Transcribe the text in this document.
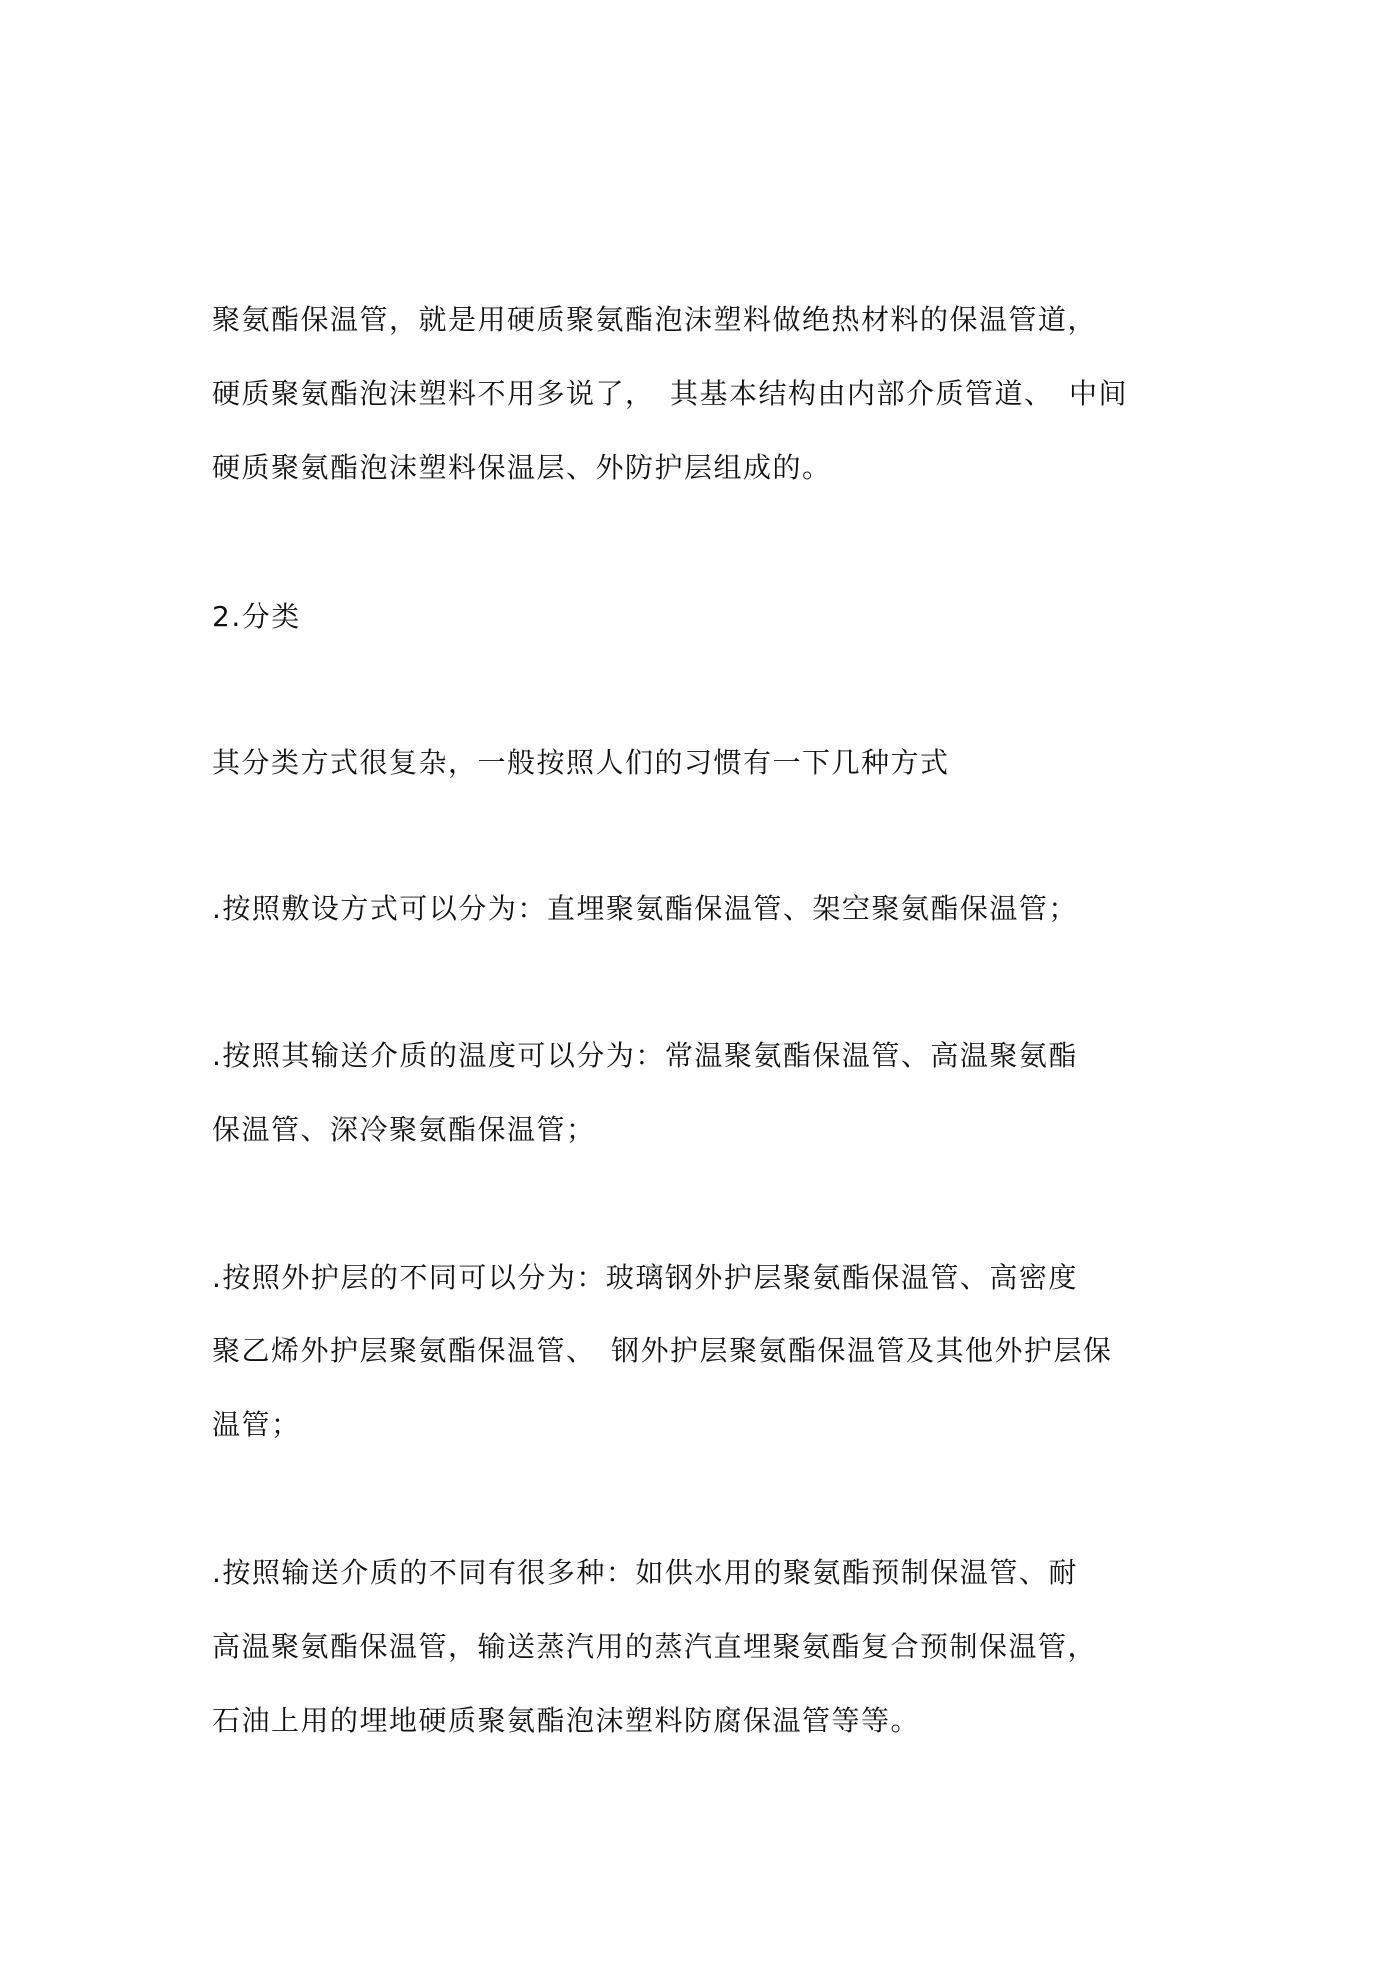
聚氨酯保温管，就是用硬质聚氨酯泡沫塑料做绝热材料的保温管道，
硬质聚氨酯泡沫塑料不用多说了，　其基本结构由内部介质管道、　中间
硬质聚氨酯泡沫塑料保温层、外防护层组成的。
2.分类
其分类方式很复杂，一般按照人们的习惯有一下几种方式
.按照敷设方式可以分为：直埋聚氨酯保温管、架空聚氨酯保温管；
.按照其输送介质的温度可以分为：常温聚氨酯保温管、高温聚氨酯
保温管、深冷聚氨酯保温管；
.按照外护层的不同可以分为：玻璃钢外护层聚氨酯保温管、高密度
聚乙烯外护层聚氨酯保温管、　钢外护层聚氨酯保温管及其他外护层保
温管；
.按照输送介质的不同有很多种：如供水用的聚氨酯预制保温管、耐
高温聚氨酯保温管，输送蒸汽用的蒸汽直埋聚氨酯复合预制保温管，
石油上用的埋地硬质聚氨酯泡沫塑料防腐保温管等等。
